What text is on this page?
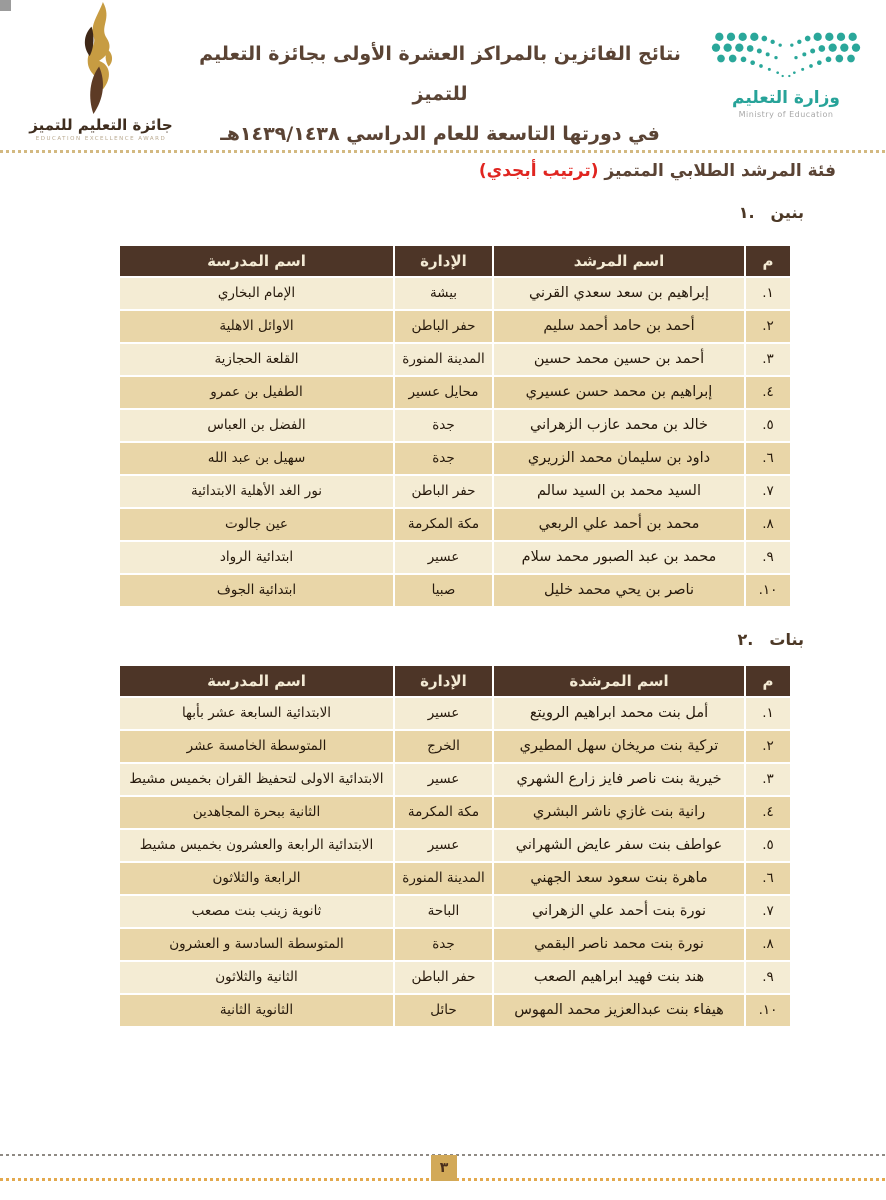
جائزة التعليم للتميز
EDUCATION EXCELLENCE AWARD
نتائج الفائزين بالمراكز العشرة الأولى بجائزة التعليم للتميز
في دورتها التاسعة للعام الدراسي ١٤٣٩/١٤٣٨هـ
وزارة التعليم
Ministry of Education
فئة المرشد الطلابي المتميز (ترتيب أبجدي)
١. بنين
م	اسم المرشد	الإدارة	اسم المدرسة
١.	إبراهيم بن سعد سعدي القرني	بيشة	الإمام البخاري
٢.	أحمد بن حامد أحمد سليم	حفر الباطن	الاوائل الاهلية
٣.	أحمد بن حسين محمد حسين	المدينة المنورة	القلعة الحجازية
٤.	إبراهيم بن محمد حسن عسيري	محايل عسير	الطفيل بن عمرو
٥.	خالد بن محمد عازب الزهراني	جدة	الفضل بن العباس
٦.	داود بن سليمان محمد الزريري	جدة	سهيل بن عبد الله
٧.	السيد محمد بن السيد سالم	حفر الباطن	نور الغد الأهلية الابتدائية
٨.	محمد بن أحمد علي الربعي	مكة المكرمة	عين جالوت
٩.	محمد بن عبد الصبور محمد سلام	عسير	ابتدائية الرواد
١٠.	ناصر بن يحي محمد خليل	صبيا	ابتدائية الجوف
٢. بنات
م	اسم المرشدة	الإدارة	اسم المدرسة
١.	أمل بنت محمد ابراهيم الرويتع	عسير	الابتدائية السابعة عشر بأبها
٢.	تركية بنت مريخان سهل المطيري	الخرج	المتوسطة الخامسة عشر
٣.	خيرية بنت ناصر فايز زارع الشهري	عسير	الابتدائية الاولى لتحفيظ القران بخميس مشيط
٤.	رانية بنت غازي ناشر البشري	مكة المكرمة	الثانية ببحرة المجاهدين
٥.	عواطف بنت سفر عايض الشهراني	عسير	الابتدائية الرابعة والعشرون بخميس مشيط
٦.	ماهرة بنت سعود سعد الجهني	المدينة المنورة	الرابعة والثلاثون
٧.	نورة بنت أحمد علي الزهراني	الباحة	ثانوية زينب بنت مصعب
٨.	نورة بنت محمد ناصر البقمي	جدة	المتوسطة السادسة و العشرون
٩.	هند بنت فهيد ابراهيم الصعب	حفر الباطن	الثانية والثلاثون
١٠.	هيفاء بنت عبدالعزيز محمد المهوس	حائل	الثانوية الثانية
٣
